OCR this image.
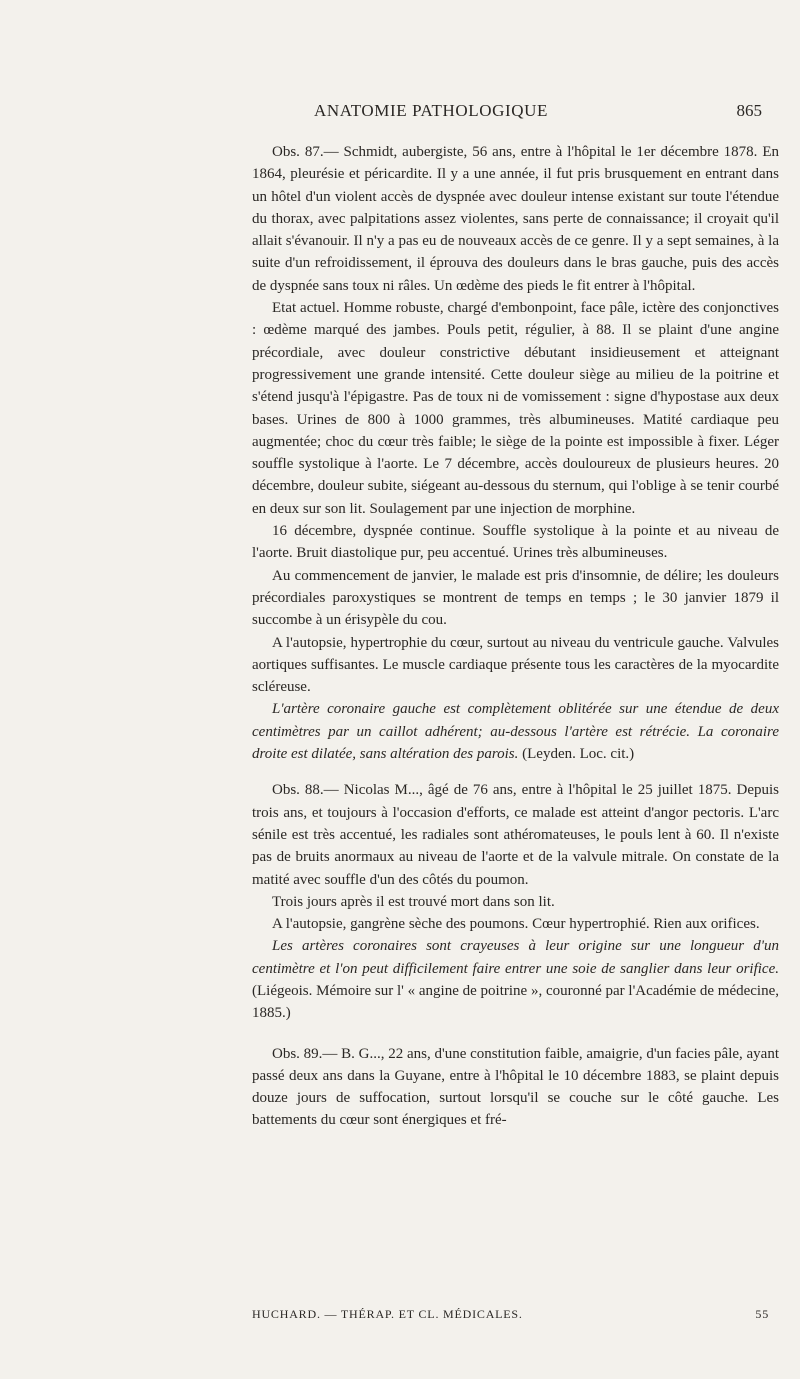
ANATOMIE PATHOLOGIQUE	865

Obs. 87.— Schmidt, aubergiste, 56 ans, entre à l'hôpital le 1er décembre 1878. En 1864, pleurésie et péricardite. Il y a une année, il fut pris brusquement en entrant dans un hôtel d'un violent accès de dyspnée avec douleur intense existant sur toute l'étendue du thorax, avec palpitations assez violentes, sans perte de connaissance; il croyait qu'il allait s'évanouir. Il n'y a pas eu de nouveaux accès de ce genre. Il y a sept semaines, à la suite d'un refroidissement, il éprouva des douleurs dans le bras gauche, puis des accès de dyspnée sans toux ni râles. Un œdème des pieds le fit entrer à l'hôpital.

Etat actuel. Homme robuste, chargé d'embonpoint, face pâle, ictère des conjonctives : œdème marqué des jambes. Pouls petit, régulier, à 88. Il se plaint d'une angine précordiale, avec douleur constrictive débutant insidieusement et atteignant progressivement une grande intensité. Cette douleur siège au milieu de la poitrine et s'étend jusqu'à l'épigastre. Pas de toux ni de vomissement : signe d'hypostase aux deux bases. Urines de 800 à 1000 grammes, très albumineuses. Matité cardiaque peu augmentée; choc du cœur très faible; le siège de la pointe est impossible à fixer. Léger souffle systolique à l'aorte. Le 7 décembre, accès douloureux de plusieurs heures. 20 décembre, douleur subite, siégeant au-dessous du sternum, qui l'oblige à se tenir courbé en deux sur son lit. Soulagement par une injection de morphine.

16 décembre, dyspnée continue. Souffle systolique à la pointe et au niveau de l'aorte. Bruit diastolique pur, peu accentué. Urines très albumineuses.

Au commencement de janvier, le malade est pris d'insomnie, de délire; les douleurs précordiales paroxystiques se montrent de temps en temps ; le 30 janvier 1879 il succombe à un érisypèle du cou.

A l'autopsie, hypertrophie du cœur, surtout au niveau du ventricule gauche. Valvules aortiques suffisantes. Le muscle cardiaque présente tous les caractères de la myocardite scléreuse.

L'artère coronaire gauche est complètement oblitérée sur une étendue de deux centimètres par un caillot adhérent; au-dessous l'artère est rétrécie. La coronaire droite est dilatée, sans altération des parois. (Leyden. Loc. cit.)

Obs. 88.— Nicolas M..., âgé de 76 ans, entre à l'hôpital le 25 juillet 1875. Depuis trois ans, et toujours à l'occasion d'efforts, ce malade est atteint d'angor pectoris. L'arc sénile est très accentué, les radiales sont athéromateuses, le pouls lent à 60. Il n'existe pas de bruits anormaux au niveau de l'aorte et de la valvule mitrale. On constate de la matité avec souffle d'un des côtés du poumon.

Trois jours après il est trouvé mort dans son lit.

A l'autopsie, gangrène sèche des poumons. Cœur hypertrophié. Rien aux orifices.

Les artères coronaires sont crayeuses à leur origine sur une longueur d'un centimètre et l'on peut difficilement faire entrer une soie de sanglier dans leur orifice. (Liégeois. Mémoire sur l' « angine de poitrine », couronné par l'Académie de médecine, 1885.)

Obs. 89.— B. G..., 22 ans, d'une constitution faible, amaigrie, d'un facies pâle, ayant passé deux ans dans la Guyane, entre à l'hôpital le 10 décembre 1883, se plaint depuis douze jours de suffocation, surtout lorsqu'il se couche sur le côté gauche. Les battements du cœur sont énergiques et fré-

HUCHARD. — THÉRAP. ET CL. MÉDICALES.	55
